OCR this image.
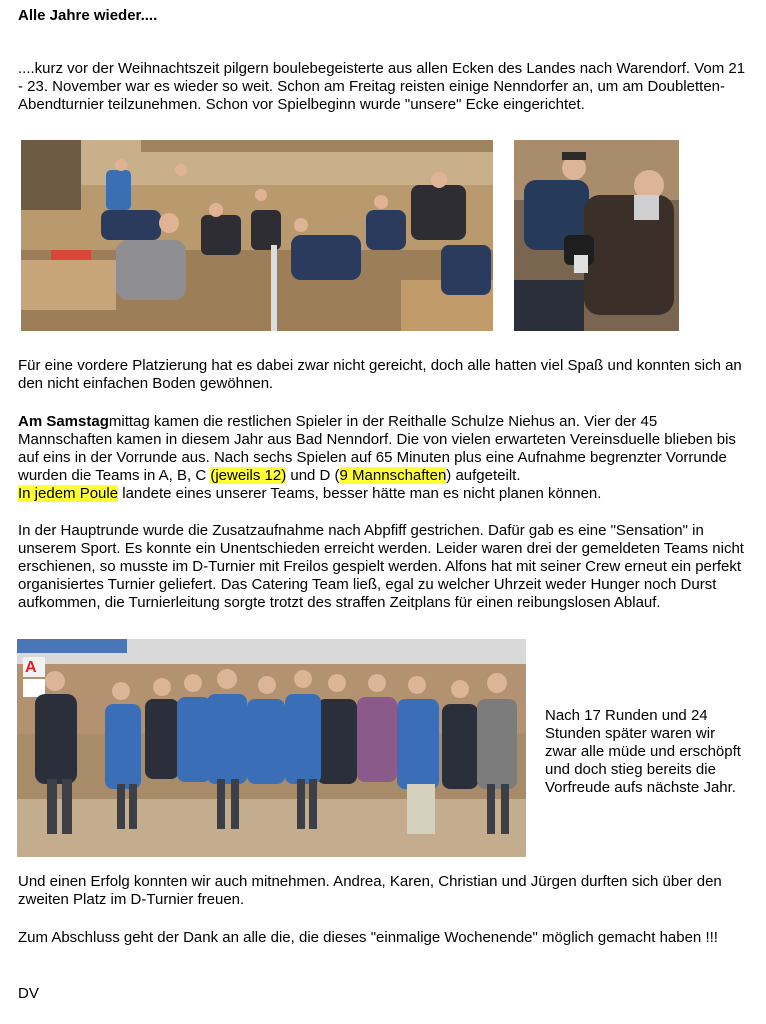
Alle Jahre wieder....

....kurz vor der Weihnachtszeit pilgern boulebegeisterte aus allen Ecken des Landes nach Warendorf. Vom 21 - 23. November war es wieder so weit. Schon am Freitag reisten einige Nenndorfer an, um am Doubletten-Abendturnier teilzunehmen. Schon vor Spielbeginn wurde "unsere" Ecke eingerichtet.

Für eine vordere Platzierung hat es dabei zwar nicht gereicht, doch alle hatten viel Spaß und konnten sich an den nicht einfachen Boden gewöhnen.

Am Samstagmittag kamen die restlichen Spieler in der Reithalle Schulze Niehus an. Vier der 45 Mannschaften kamen in diesem Jahr aus Bad Nenndorf. Die von vielen erwarteten Vereinsduelle blieben bis auf eins in der Vorrunde aus. Nach sechs Spielen auf 65 Minuten plus eine Aufnahme begrenzter Vorrunde wurden die Teams in A, B, C (jeweils 12) und D (9 Mannschaften) aufgeteilt.
In jedem Poule landete eines unserer Teams, besser hätte man es nicht planen können.

In der Hauptrunde wurde die Zusatzaufnahme nach Abpfiff gestrichen. Dafür gab es eine "Sensation" in unserem Sport. Es konnte ein Unentschieden erreicht werden. Leider waren drei der gemeldeten Teams nicht erschienen, so musste im D-Turnier mit Freilos gespielt werden. Alfons hat mit seiner Crew erneut ein perfekt organisiertes Turnier geliefert. Das Catering Team ließ, egal zu welcher Uhrzeit weder Hunger noch Durst aufkommen, die Turnierleitung sorgte trotzt des straffen Zeitplans für einen reibungslosen Ablauf.

A
Nach 17 Runden und 24 Stunden später waren wir zwar alle müde und erschöpft und doch stieg bereits die Vorfreude aufs nächste Jahr.

Und einen Erfolg konnten wir auch mitnehmen. Andrea, Karen, Christian und Jürgen durften sich über den zweiten Platz im D-Turnier freuen.

Zum Abschluss geht der Dank an alle die, die dieses "einmalige Wochenende" möglich gemacht haben !!!

DV
